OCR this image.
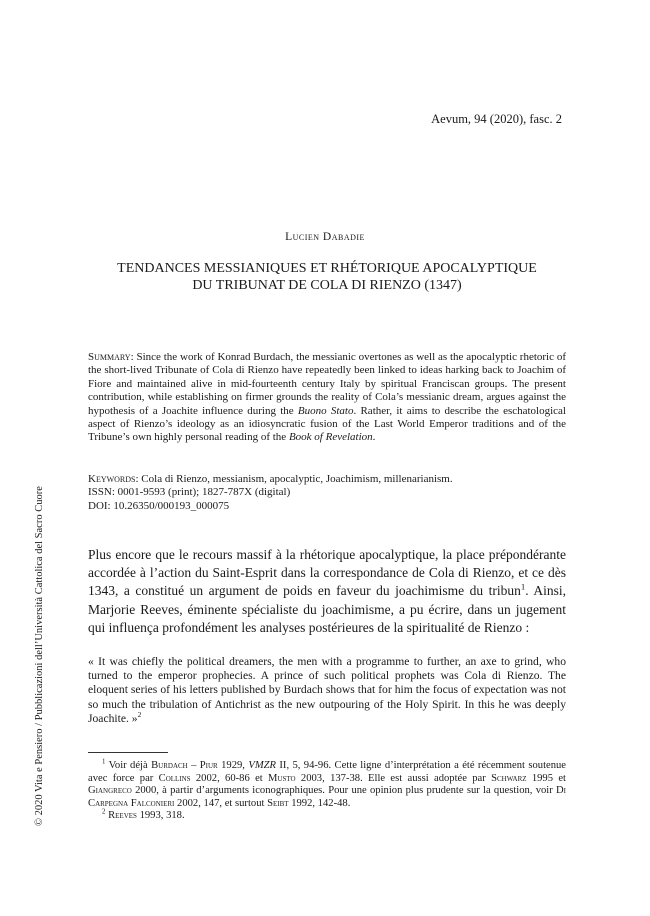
Aevum, 94 (2020), fasc. 2
Lucien Dabadie
TENDANCES MESSIANIQUES ET RHÉTORIQUE APOCALYPTIQUE
DU TRIBUNAT DE COLA DI RIENZO (1347)
Summary: Since the work of Konrad Burdach, the messianic overtones as well as the apocalyptic rhetoric of the short-lived Tribunate of Cola di Rienzo have repeatedly been linked to ideas harking back to Joachim of Fiore and maintained alive in mid-fourteenth century Italy by spiritual Franciscan groups. The present contribution, while establishing on firmer grounds the reality of Cola’s messianic dream, argues against the hypothesis of a Joachite influence during the Buono Stato. Rather, it aims to describe the eschatological aspect of Rienzo’s ideology as an idiosyncratic fusion of the Last World Emperor traditions and of the Tribune’s own highly personal reading of the Book of Revelation.
Keywords: Cola di Rienzo, messianism, apocalyptic, Joachimism, millenarianism.
ISSN: 0001-9593 (print); 1827-787X (digital)
DOI: 10.26350/000193_000075
Plus encore que le recours massif à la rhétorique apocalyptique, la place prépondérante accordée à l’action du Saint-Esprit dans la correspondance de Cola di Rienzo, et ce dès 1343, a constitué un argument de poids en faveur du joachimisme du tribun$^1$. Ainsi, Marjorie Reeves, éminente spécialiste du joachimisme, a pu écrire, dans un jugement qui influença profondément les analyses postérieures de la spiritualité de Rienzo :
« It was chiefly the political dreamers, the men with a programme to further, an axe to grind, who turned to the emperor prophecies. A prince of such political prophets was Cola di Rienzo. The eloquent series of his letters published by Burdach shows that for him the focus of expectation was not so much the tribulation of Antichrist as the new outpouring of the Holy Spirit. In this he was deeply Joachite. »$^2$
$^1$ Voir déjà Burdach – Piur 1929, VMZR II, 5, 94-96. Cette ligne d’interprétation a été récemment soutenue avec force par Collins 2002, 60-86 et Musto 2003, 137-38. Elle est aussi adoptée par Schwarz 1995 et Giangreco 2000, à partir d’arguments iconographiques. Pour une opinion plus prudente sur la question, voir Di Carpegna Falconieri 2002, 147, et surtout Seibt 1992, 142-48.
$^2$ Reeves 1993, 318.
© 2020 Vita e Pensiero / Pubblicazioni dell’Università Cattolica del Sacro Cuore
